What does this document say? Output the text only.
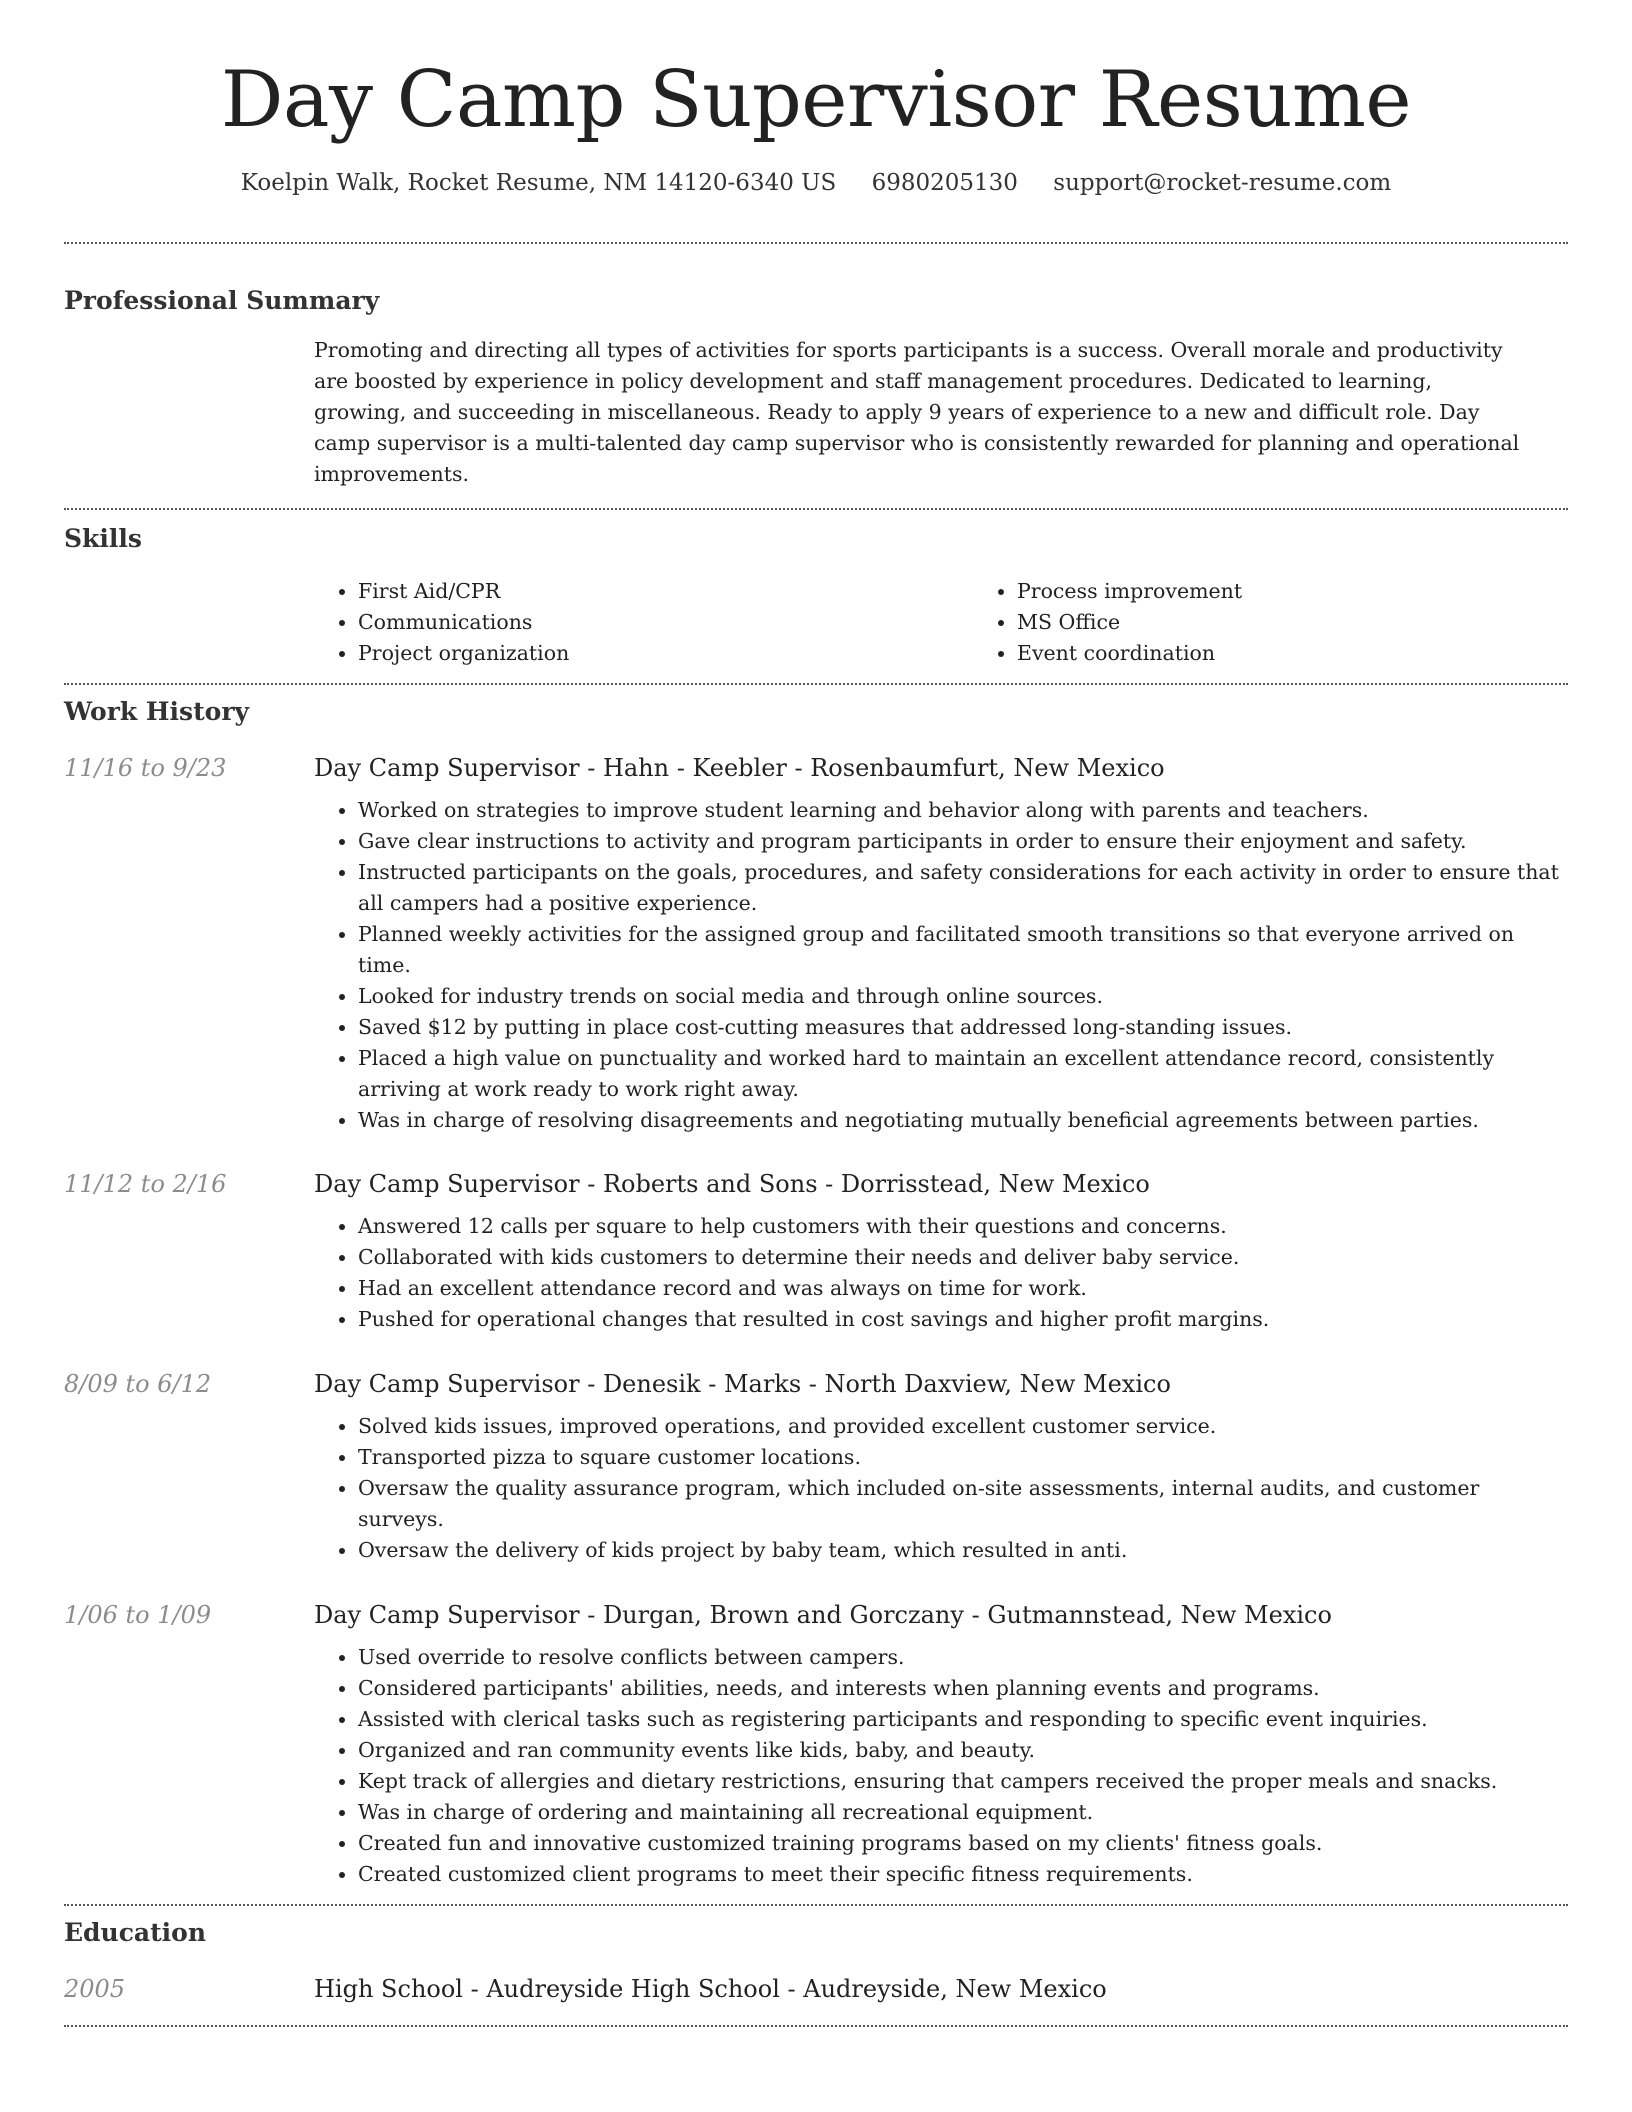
Day Camp Supervisor Resume
Koelpin Walk, Rocket Resume, NM 14120-6340 US 6980205130 support@rocket-resume.com
Professional Summary

Promoting and directing all types of activities for sports participants is a success. Overall morale and productivity are boosted by experience in policy development and staff management procedures. Dedicated to learning, growing, and succeeding in miscellaneous. Ready to apply 9 years of experience to a new and difficult role. Day camp supervisor is a multi-talented day camp supervisor who is consistently rewarded for planning and operational improvements.

Skills
• First Aid/CPR
• Communications
• Project organization
• Process improvement
• MS Office
• Event coordination
Work History
11/16 to 9/23	Day Camp Supervisor - Hahn - Keebler - Rosenbaumfurt, New Mexico
• Worked on strategies to improve student learning and behavior along with parents and teachers.
• Gave clear instructions to activity and program participants in order to ensure their enjoyment and safety.
• Instructed participants on the goals, procedures, and safety considerations for each activity in order to ensure that all campers had a positive experience.
• Planned weekly activities for the assigned group and facilitated smooth transitions so that everyone arrived on time.
• Looked for industry trends on social media and through online sources.
• Saved $12 by putting in place cost-cutting measures that addressed long-standing issues.
• Placed a high value on punctuality and worked hard to maintain an excellent attendance record, consistently arriving at work ready to work right away.
• Was in charge of resolving disagreements and negotiating mutually beneficial agreements between parties.
11/12 to 2/16	Day Camp Supervisor - Roberts and Sons - Dorrisstead, New Mexico
• Answered 12 calls per square to help customers with their questions and concerns.
• Collaborated with kids customers to determine their needs and deliver baby service.
• Had an excellent attendance record and was always on time for work.
• Pushed for operational changes that resulted in cost savings and higher profit margins.
8/09 to 6/12	Day Camp Supervisor - Denesik - Marks - North Daxview, New Mexico
• Solved kids issues, improved operations, and provided excellent customer service.
• Transported pizza to square customer locations.
• Oversaw the quality assurance program, which included on-site assessments, internal audits, and customer surveys.
• Oversaw the delivery of kids project by baby team, which resulted in anti.
1/06 to 1/09	Day Camp Supervisor - Durgan, Brown and Gorczany - Gutmannstead, New Mexico
• Used override to resolve conflicts between campers.
• Considered participants' abilities, needs, and interests when planning events and programs.
• Assisted with clerical tasks such as registering participants and responding to specific event inquiries.
• Organized and ran community events like kids, baby, and beauty.
• Kept track of allergies and dietary restrictions, ensuring that campers received the proper meals and snacks.
• Was in charge of ordering and maintaining all recreational equipment.
• Created fun and innovative customized training programs based on my clients' fitness goals.
• Created customized client programs to meet their specific fitness requirements.
Education
2005	High School - Audreyside High School - Audreyside, New Mexico
